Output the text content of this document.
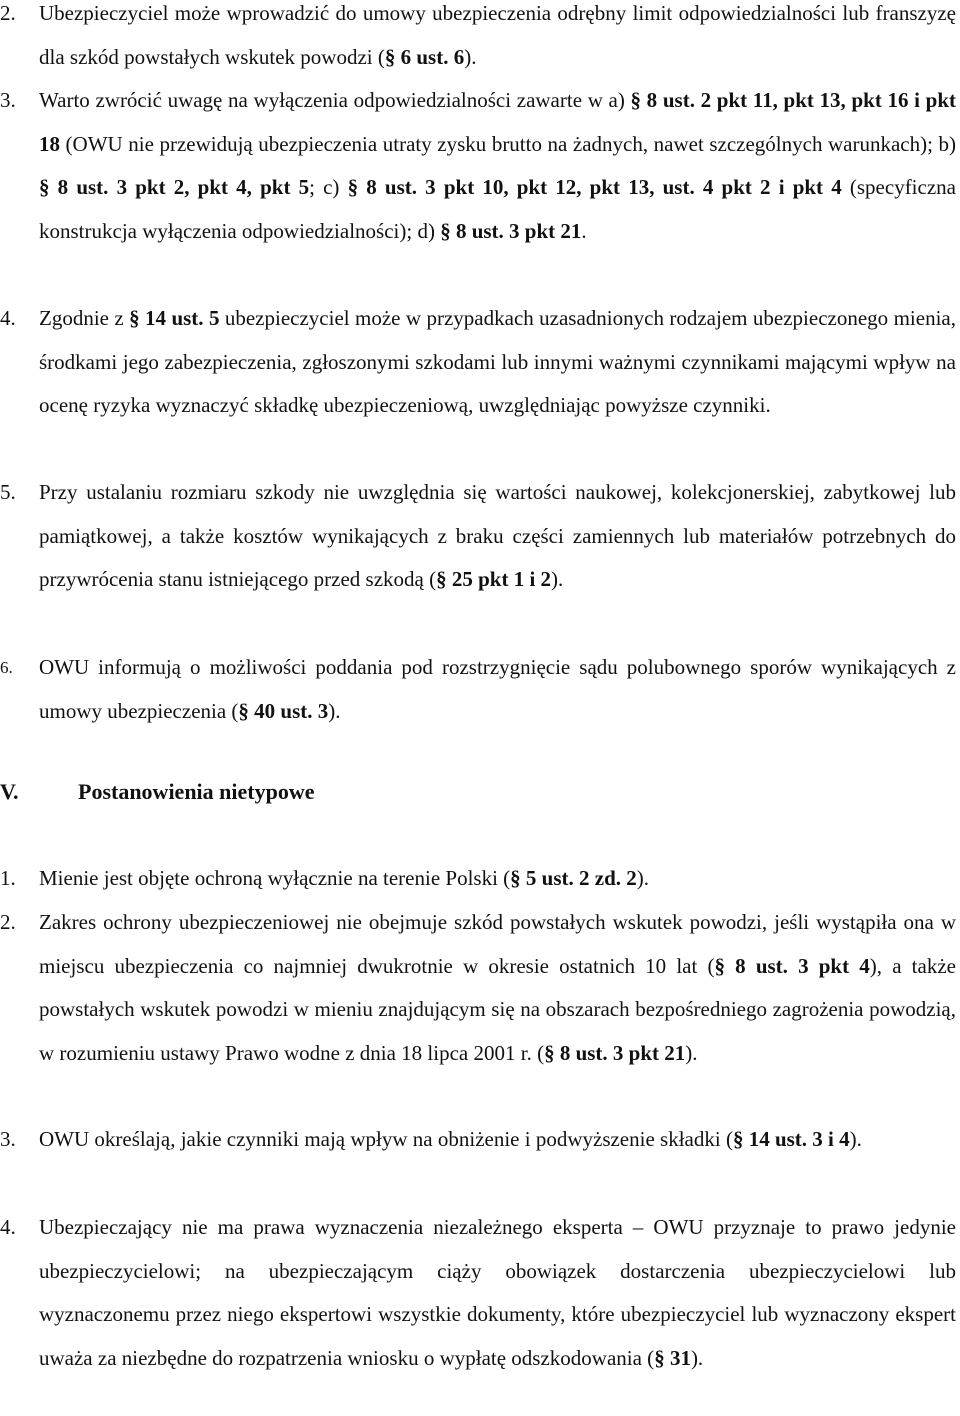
2.	Ubezpieczyciel może wprowadzić do umowy ubezpieczenia odrębny limit odpowiedzialności lub franszyzę dla szkód powstałych wskutek powodzi (§ 6 ust. 6).
3.	Warto zwrócić uwagę na wyłączenia odpowiedzialności zawarte w a) § 8 ust. 2 pkt 11, pkt 13, pkt 16 i pkt 18 (OWU nie przewidują ubezpieczenia utraty zysku brutto na żadnych, nawet szczególnych warunkach); b) § 8 ust. 3 pkt 2, pkt 4, pkt 5; c) § 8 ust. 3 pkt 10, pkt 12, pkt 13, ust. 4 pkt 2 i pkt 4 (specyficzna konstrukcja wyłączenia odpowiedzialności); d) § 8 ust. 3 pkt 21.
4.	Zgodnie z § 14 ust. 5 ubezpieczyciel może w przypadkach uzasadnionych rodzajem ubezpieczonego mienia, środkami jego zabezpieczenia, zgłoszonymi szkodami lub innymi ważnymi czynnikami mającymi wpływ na ocenę ryzyka wyznaczyć składkę ubezpieczeniową, uwzględniając powyższe czynniki.
5.	Przy ustalaniu rozmiaru szkody nie uwzględnia się wartości naukowej, kolekcjonerskiej, zabytkowej lub pamiątkowej, a także kosztów wynikających z braku części zamiennych lub materiałów potrzebnych do przywrócenia stanu istniejącego przed szkodą (§ 25 pkt 1 i 2).
6.	OWU informują o możliwości poddania pod rozstrzygnięcie sądu polubownego sporów wynikających z umowy ubezpieczenia (§ 40 ust. 3).
V.	Postanowienia nietypowe
1.	Mienie jest objęte ochroną wyłącznie na terenie Polski (§ 5 ust. 2 zd. 2).
2.	Zakres ochrony ubezpieczeniowej nie obejmuje szkód powstałych wskutek powodzi, jeśli wystąpiła ona w miejscu ubezpieczenia co najmniej dwukrotnie w okresie ostatnich 10 lat (§ 8 ust. 3 pkt 4), a także powstałych wskutek powodzi w mieniu znajdującym się na obszarach bezpośredniego zagrożenia powodzią, w rozumieniu ustawy Prawo wodne z dnia 18 lipca 2001 r. (§ 8 ust. 3 pkt 21).
3.	OWU określają, jakie czynniki mają wpływ na obniżenie i podwyższenie składki (§ 14 ust. 3 i 4).
4.	Ubezpieczający nie ma prawa wyznaczenia niezależnego eksperta – OWU przyznaje to prawo jedynie ubezpieczycielowi; na ubezpieczającym ciąży obowiązek dostarczenia ubezpieczycielowi lub wyznaczonemu przez niego ekspertowi wszystkie dokumenty, które ubezpieczyciel lub wyznaczony ekspert uważa za niezbędne do rozpatrzenia wniosku o wypłatę odszkodowania (§ 31).
